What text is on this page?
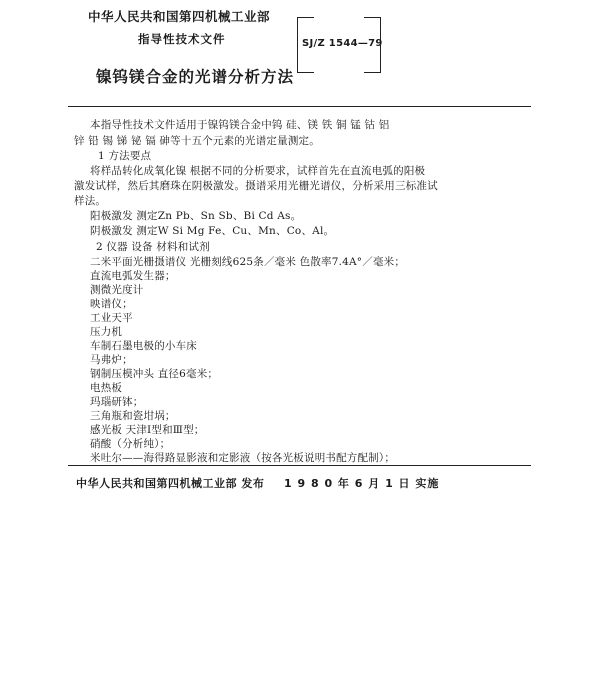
中华人民共和国第四机械工业部
指导性技术文件	SJ/Z 1544—79
镍钨镁合金的光谱分析方法
本指导性技术文件适用于镍钨镁合金中钨 硅、镁 铁 铜 锰 钴 铝
锌 铅 锡 锑 铋 镉 砷等十五个元素的光谱定量测定。
1 方法要点
将样品转化成氧化镍 根据不同的分析要求，试样首先在直流电弧的阳极
激发试样，然后其磨珠在阴极激发。摄谱采用光栅光谱仪，分析采用三标准试
样法。
阳极激发 测定Zn Pb、Sn Sb、Bi Cd As。
阴极激发 测定W Si Mg Fe、Cu、Mn、Co、Al。
2 仪器 设备 材料和试剂
二米平面光栅摄谱仪 光栅刻线625条／毫米 色散率7.4A°／毫米；
直流电弧发生器；
测微光度计
映谱仪；
工业天平
压力机
车制石墨电极的小车床
马弗炉；
钢制压模冲头 直径6毫米；
电热板
玛瑙研钵；
三角瓶和瓷坩埚；
感光板 天津Ⅰ型和Ⅲ型；
中华人民共和国第四机械工业部 发布 1 9 8 0 年 6 月 1 日 实施
硝酸（分析纯）；
米吐尔——海得路显影液和定影液（按各光板说明书配方配制）；
